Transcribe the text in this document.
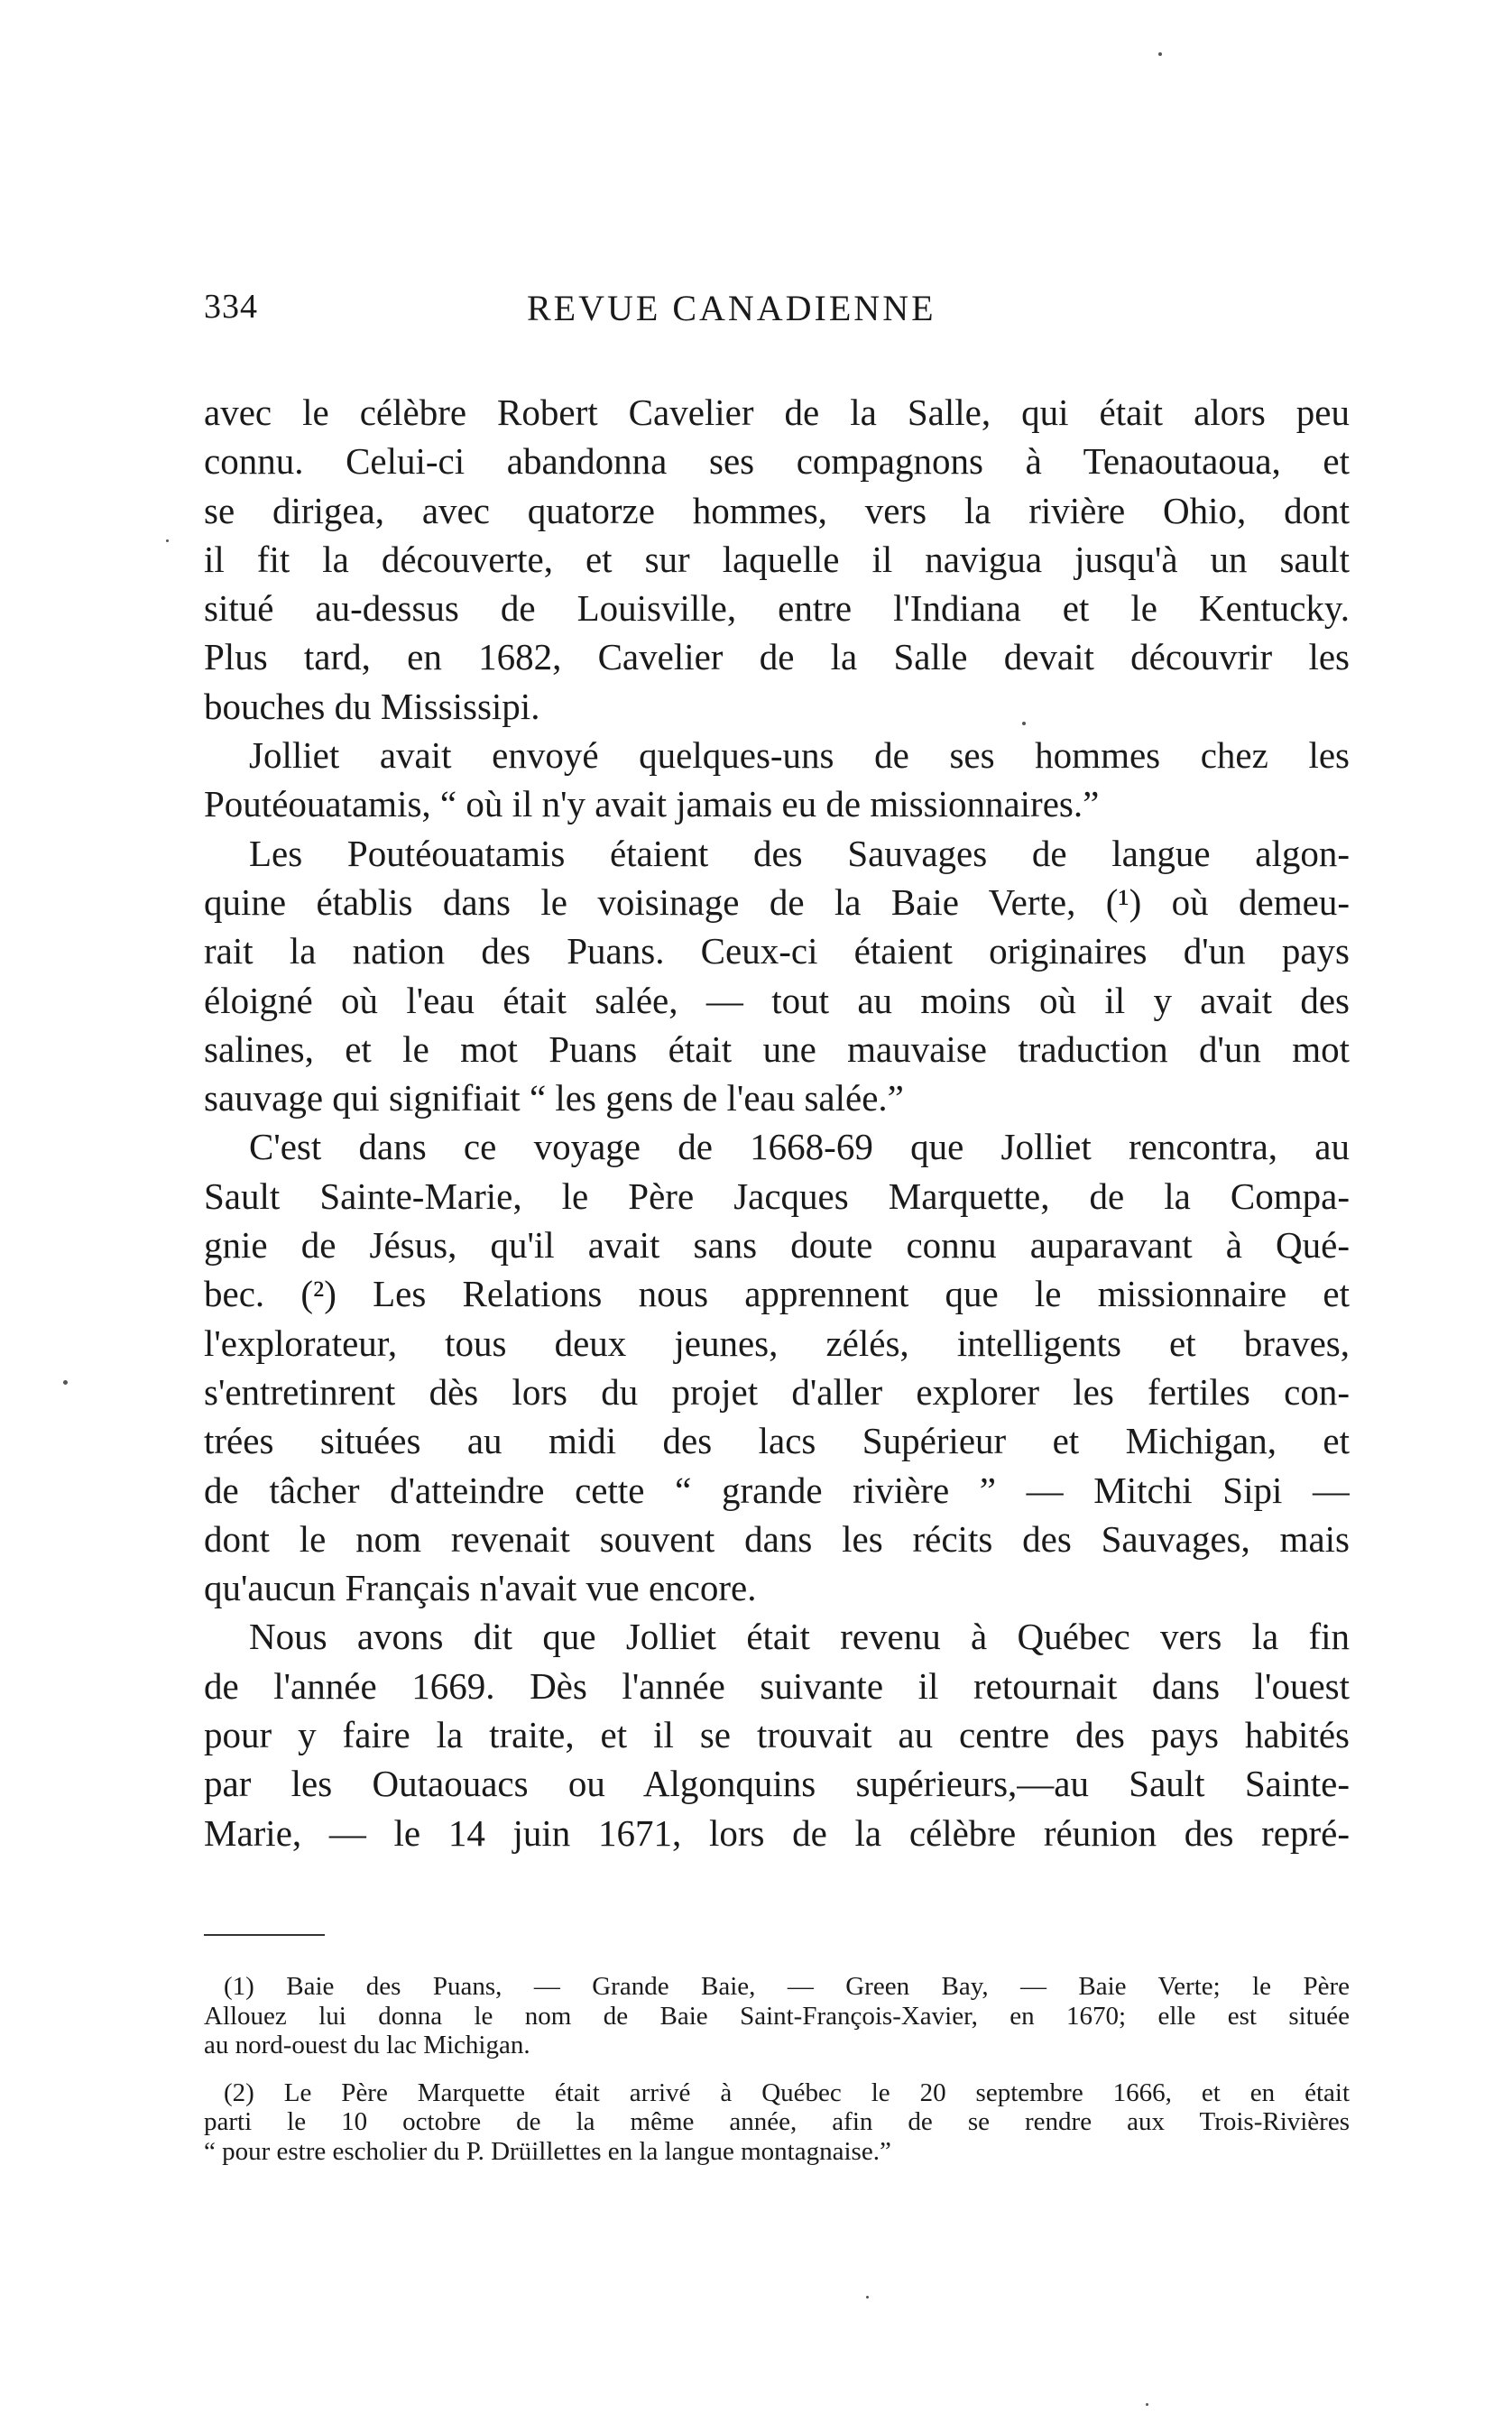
334	REVUE CANADIENNE
avec le célèbre Robert Cavelier de la Salle, qui était alors peu
connu. Celui-ci abandonna ses compagnons à Tenaoutaoua, et
se dirigea, avec quatorze hommes, vers la rivière Ohio, dont
il fit la découverte, et sur laquelle il navigua jusqu'à un sault
situé au-dessus de Louisville, entre l'Indiana et le Kentucky.
Plus tard, en 1682, Cavelier de la Salle devait découvrir les
bouches du Mississipi.
Jolliet avait envoyé quelques-uns de ses hommes chez les
Poutéouatamis, “ où il n'y avait jamais eu de missionnaires.”
Les Poutéouatamis étaient des Sauvages de langue algon-
quine établis dans le voisinage de la Baie Verte, (¹) où demeu-
rait la nation des Puans. Ceux-ci étaient originaires d'un pays
éloigné où l'eau était salée, — tout au moins où il y avait des
salines, et le mot Puans était une mauvaise traduction d'un mot
sauvage qui signifiait “ les gens de l'eau salée.”
C'est dans ce voyage de 1668-69 que Jolliet rencontra, au
Sault Sainte-Marie, le Père Jacques Marquette, de la Compa-
gnie de Jésus, qu'il avait sans doute connu auparavant à Qué-
bec. (²) Les Relations nous apprennent que le missionnaire et
l'explorateur, tous deux jeunes, zélés, intelligents et braves,
s'entretinrent dès lors du projet d'aller explorer les fertiles con-
trées situées au midi des lacs Supérieur et Michigan, et
de tâcher d'atteindre cette “ grande rivière ” — Mitchi Sipi —
dont le nom revenait souvent dans les récits des Sauvages, mais
qu'aucun Français n'avait vue encore.
Nous avons dit que Jolliet était revenu à Québec vers la fin
de l'année 1669. Dès l'année suivante il retournait dans l'ouest
pour y faire la traite, et il se trouvait au centre des pays habités
par les Outaouacs ou Algonquins supérieurs,—au Sault Sainte-
Marie, — le 14 juin 1671, lors de la célèbre réunion des repré-
(1) Baie des Puans, — Grande Baie, — Green Bay, — Baie Verte; le Père
Allouez lui donna le nom de Baie Saint-François-Xavier, en 1670; elle est située
au nord-ouest du lac Michigan.
(2) Le Père Marquette était arrivé à Québec le 20 septembre 1666, et en était
parti le 10 octobre de la même année, afin de se rendre aux Trois-Rivières
“ pour estre escholier du P. Drüillettes en la langue montagnaise.”
